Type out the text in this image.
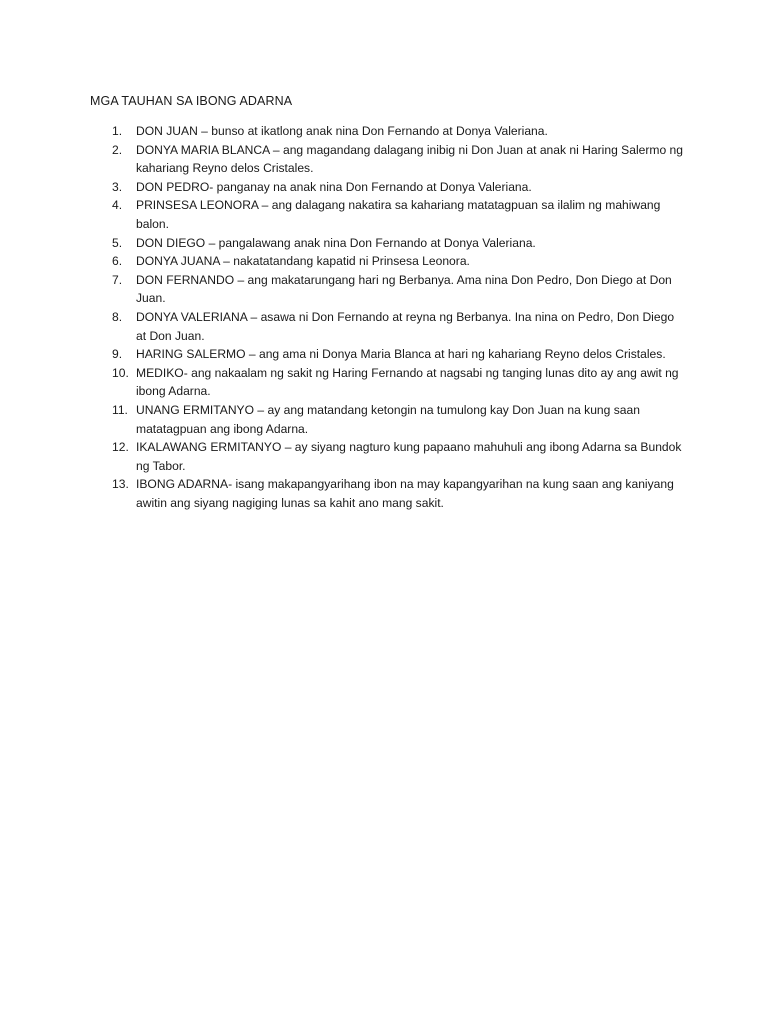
MGA TAUHAN SA IBONG ADARNA
1.	DON JUAN – bunso at ikatlong anak nina Don Fernando at Donya Valeriana.
2.	DONYA MARIA BLANCA – ang magandang dalagang inibig ni Don Juan at anak ni Haring Salermo ng kahariang Reyno delos Cristales.
3.	DON PEDRO- panganay na anak nina Don Fernando at Donya Valeriana.
4.	PRINSESA LEONORA – ang dalagang nakatira sa kahariang matatagpuan sa ilalim ng mahiwang balon.
5.	DON DIEGO – pangalawang anak nina Don Fernando at Donya Valeriana.
6.	DONYA JUANA – nakatatandang kapatid ni Prinsesa Leonora.
7.	DON FERNANDO – ang makatarungang hari ng Berbanya. Ama nina Don Pedro, Don Diego at Don Juan.
8.	DONYA VALERIANA – asawa ni Don Fernando at reyna ng Berbanya. Ina nina on Pedro, Don Diego at Don Juan.
9.	HARING SALERMO – ang ama ni Donya Maria Blanca at hari ng kahariang Reyno delos Cristales.
10. MEDIKO- ang nakaalam ng sakit ng Haring Fernando at nagsabi ng tanging lunas dito ay ang awit ng ibong Adarna.
11. UNANG ERMITANYO – ay ang matandang ketongin na tumulong kay Don Juan na kung saan matatagpuan ang ibong Adarna.
12. IKALAWANG ERMITANYO – ay siyang nagturo kung papaano mahuhuli ang ibong Adarna sa Bundok ng Tabor.
13. IBONG ADARNA- isang makapangyarihang ibon na may kapangyarihan na kung saan ang kaniyang awitin ang siyang nagiging lunas sa kahit ano mang sakit.
